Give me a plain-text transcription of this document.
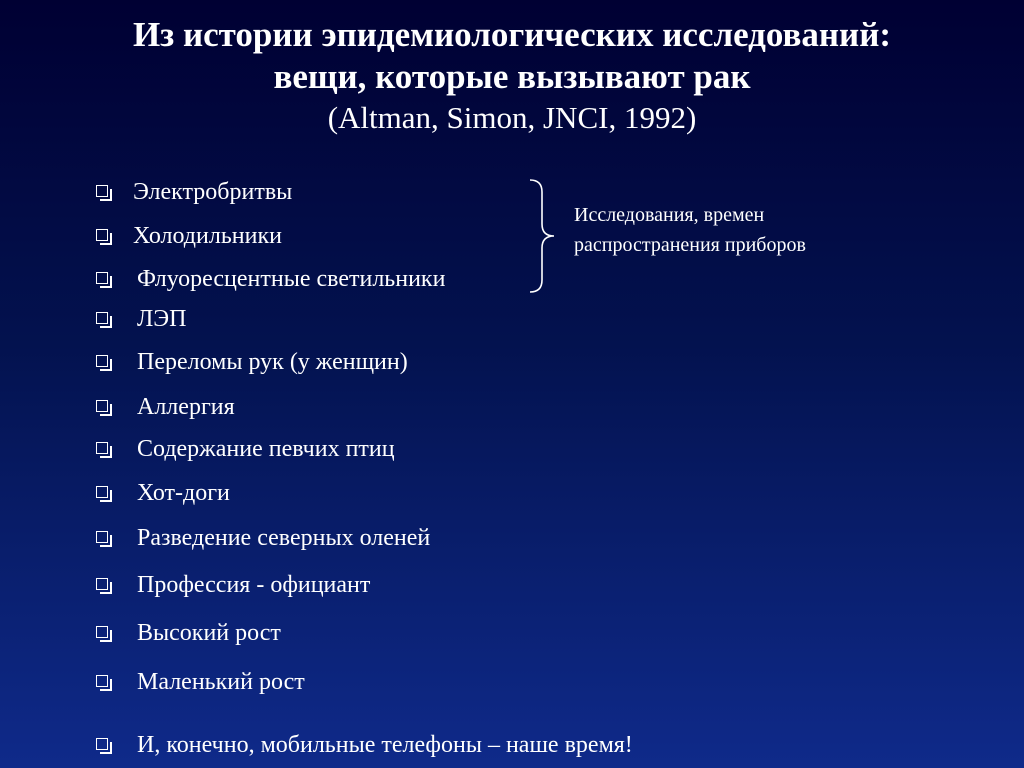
Из истории эпидемиологических исследований:
вещи, которые вызывают рак
(Altman, Simon, JNCI, 1992)
Электробритвы
Холодильники
Флуоресцентные светильники
ЛЭП
Переломы рук (у женщин)
Аллергия
Содержание певчих птиц
Хот-доги
Разведение северных оленей
Профессия - официант
Высокий рост
Маленький рост
И, конечно, мобильные телефоны – наше время!
Исследования, времен
распространения приборов
